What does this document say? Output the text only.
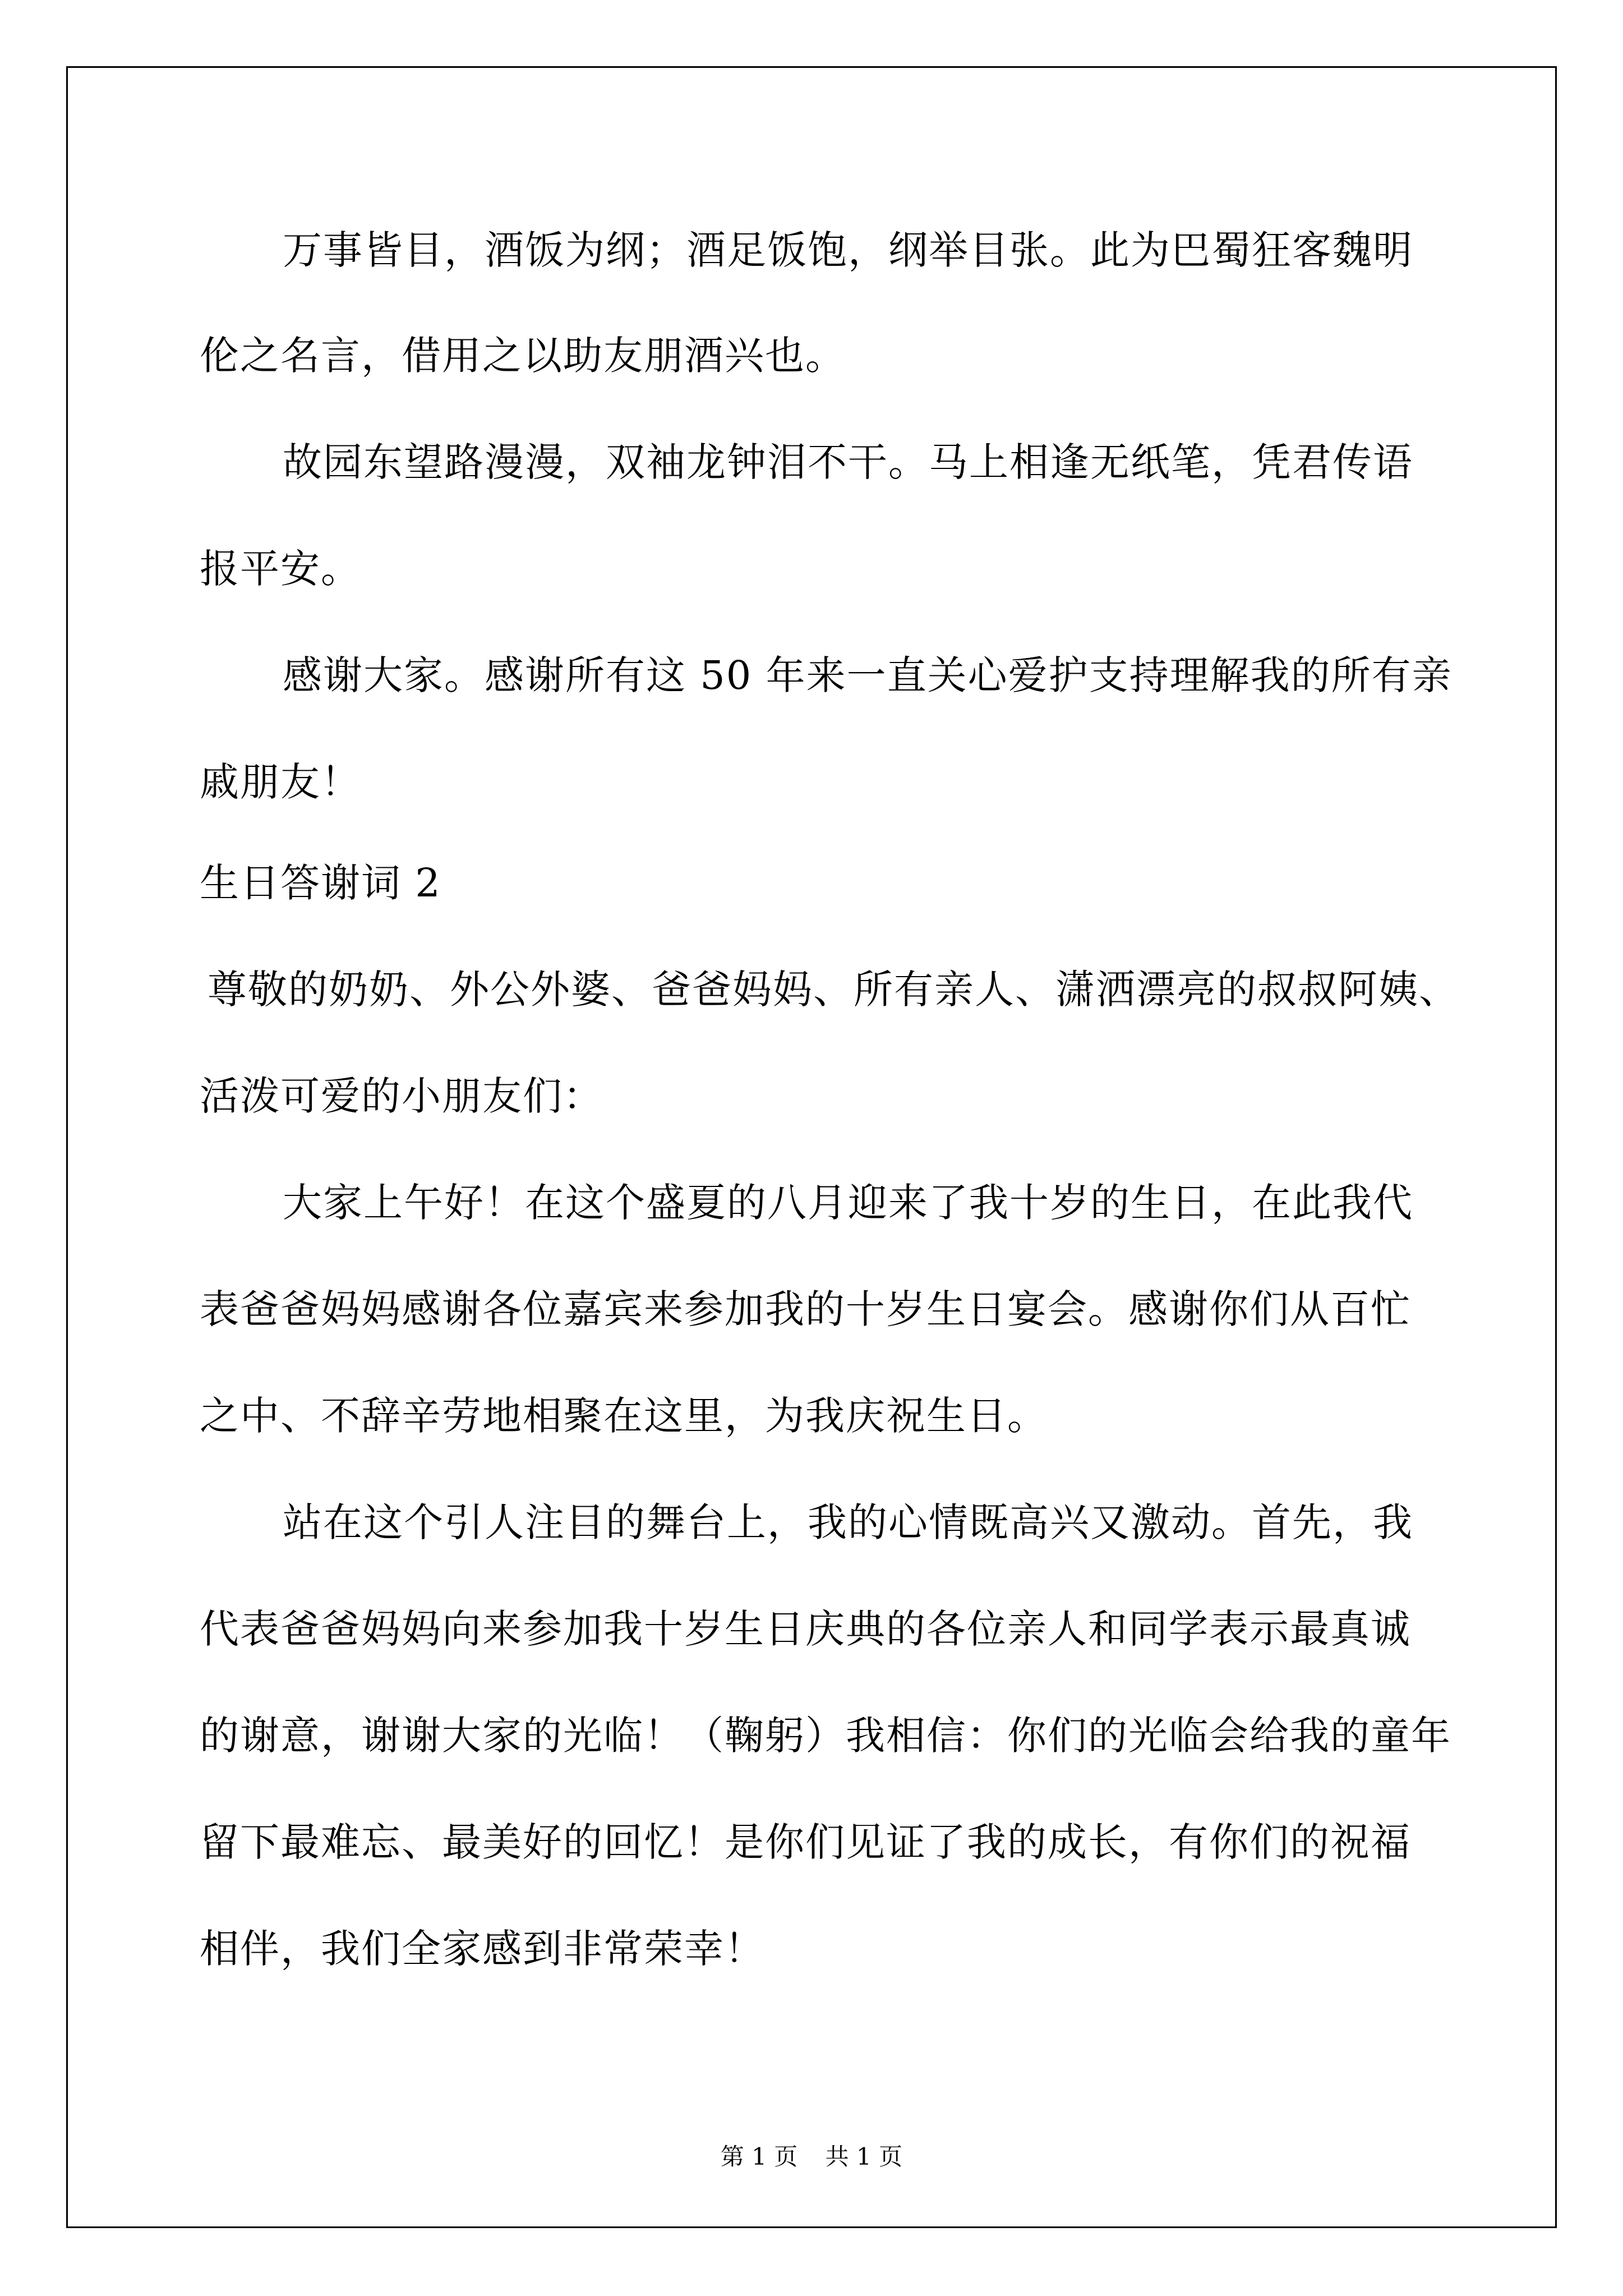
万事皆目，酒饭为纲；酒足饭饱，纲举目张。此为巴蜀狂客魏明
伦之名言，借用之以助友朋酒兴也。
故园东望路漫漫，双袖龙钟泪不干。马上相逢无纸笔，凭君传语
报平安。
感谢大家。感谢所有这 50 年来一直关心爱护支持理解我的所有亲
戚朋友！
生日答谢词 2
尊敬的奶奶、外公外婆、爸爸妈妈、所有亲人、潇洒漂亮的叔叔阿姨、
活泼可爱的小朋友们：
大家上午好！在这个盛夏的八月迎来了我十岁的生日，在此我代
表爸爸妈妈感谢各位嘉宾来参加我的十岁生日宴会。感谢你们从百忙
之中、不辞辛劳地相聚在这里，为我庆祝生日。
站在这个引人注目的舞台上，我的心情既高兴又激动。首先，我
代表爸爸妈妈向来参加我十岁生日庆典的各位亲人和同学表示最真诚
的谢意，谢谢大家的光临！（鞠躬）我相信：你们的光临会给我的童年
留下最难忘、最美好的回忆！是你们见证了我的成长，有你们的祝福
相伴，我们全家感到非常荣幸！
第 1 页 共 1 页
